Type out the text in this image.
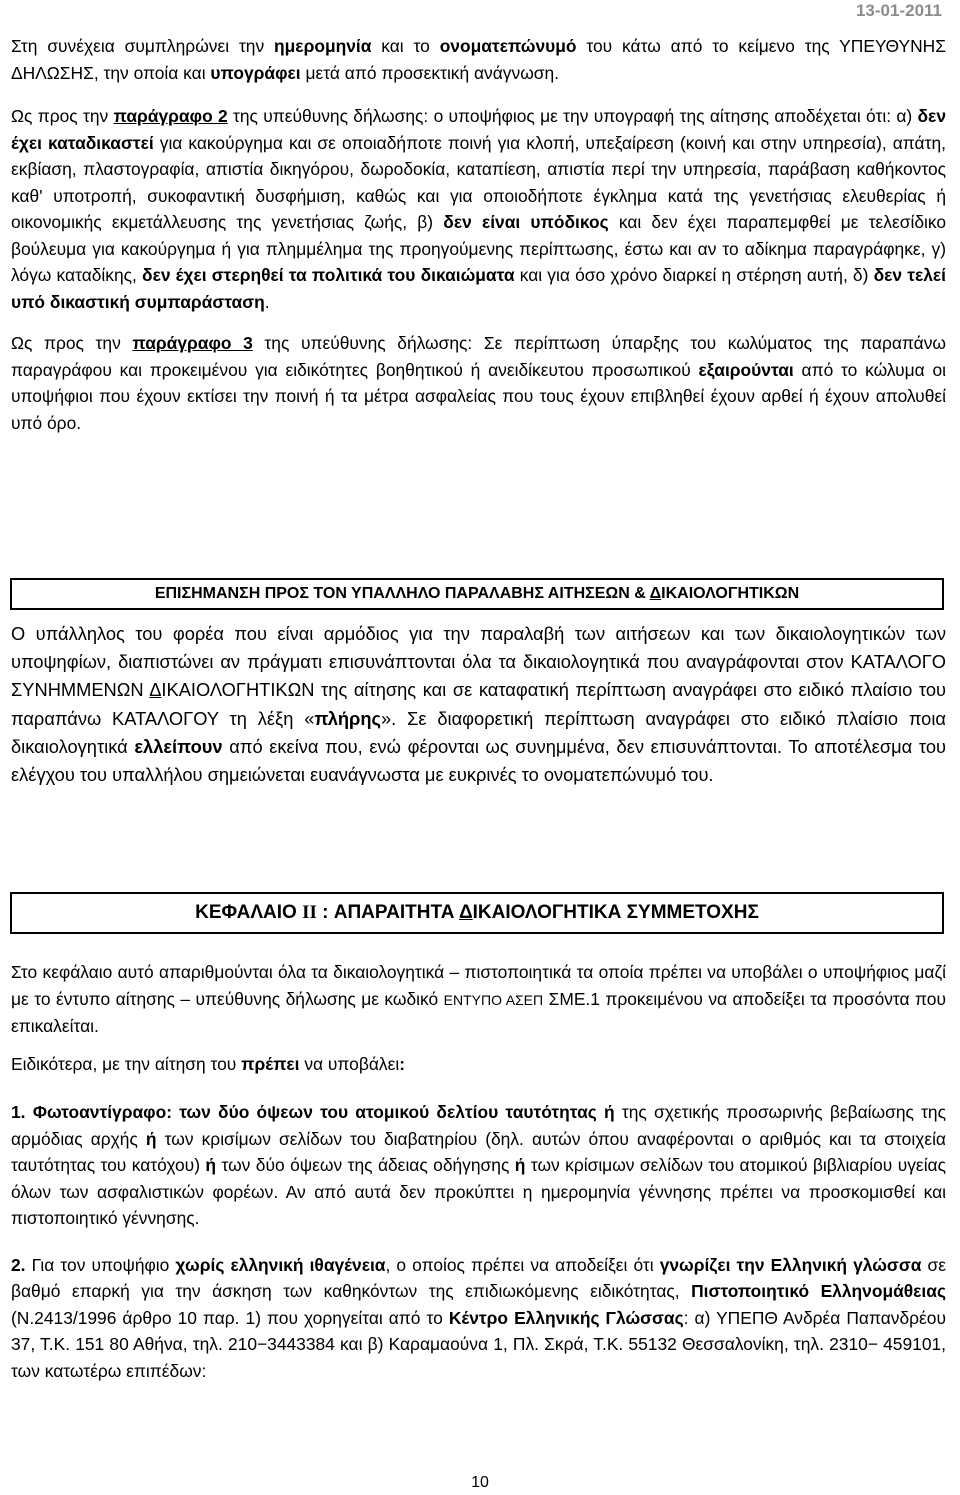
13-01-2011

Στη συνέχεια συμπληρώνει την ημερομηνία και το ονοματεπώνυμό του κάτω από το κείμενο της ΥΠΕΥΘΥΝΗΣ ΔΗΛΩΣΗΣ, την οποία και υπογράφει μετά από προσεκτική ανάγνωση.

Ως προς την παράγραφο 2 της υπεύθυνης δήλωσης: ο υποψήφιος με την υπογραφή της αίτησης αποδέχεται ότι: α) δεν έχει καταδικαστεί για κακούργημα και σε οποιαδήποτε ποινή για κλοπή, υπεξαίρεση (κοινή και στην υπηρεσία), απάτη, εκβίαση, πλαστογραφία, απιστία δικηγόρου, δωροδοκία, καταπίεση, απιστία περί την υπηρεσία, παράβαση καθήκοντος καθ' υποτροπή, συκοφαντική δυσφήμιση, καθώς και για οποιοδήποτε έγκλημα κατά της γενετήσιας ελευθερίας ή οικονομικής εκμετάλλευσης της γενετήσιας ζωής, β) δεν είναι υπόδικος και δεν έχει παραπεμφθεί με τελεσίδικο βούλευμα για κακούργημα ή για πλημμέλημα της προηγούμενης περίπτωσης, έστω και αν το αδίκημα παραγράφηκε, γ) λόγω καταδίκης, δεν έχει στερηθεί τα πολιτικά του δικαιώματα και για όσο χρόνο διαρκεί η στέρηση αυτή, δ) δεν τελεί υπό δικαστική συμπαράσταση.

Ως προς την παράγραφο 3 της υπεύθυνης δήλωσης: Σε περίπτωση ύπαρξης του κωλύματος της παραπάνω παραγράφου και προκειμένου για ειδικότητες βοηθητικού ή ανειδίκευτου προσωπικού εξαιρούνται από το κώλυμα οι υποψήφιοι που έχουν εκτίσει την ποινή ή τα μέτρα ασφαλείας που τους έχουν επιβληθεί έχουν αρθεί ή έχουν απολυθεί υπό όρο.

ΕΠΙΣΗΜΑΝΣΗ ΠΡΟΣ ΤΟΝ ΥΠΑΛΛΗΛΟ ΠΑΡΑΛΑΒΗΣ ΑΙΤΗΣΕΩΝ & ΔΙΚΑΙΟΛΟΓΗΤΙΚΩΝ

Ο υπάλληλος του φορέα που είναι αρμόδιος για την παραλαβή των αιτήσεων και των δικαιολογητικών των υποψηφίων, διαπιστώνει αν πράγματι επισυνάπτονται όλα τα δικαιολογητικά που αναγράφονται στον ΚΑΤΑΛΟΓΟ ΣΥΝΗΜΜΕΝΩΝ ΔΙΚΑΙΟΛΟΓΗΤΙΚΩΝ της αίτησης και σε καταφατική περίπτωση αναγράφει στο ειδικό πλαίσιο του παραπάνω ΚΑΤΑΛΟΓΟΥ τη λέξη «πλήρης». Σε διαφορετική περίπτωση αναγράφει στο ειδικό πλαίσιο ποια δικαιολογητικά ελλείπουν από εκείνα που, ενώ φέρονται ως συνημμένα, δεν επισυνάπτονται. Το αποτέλεσμα του ελέγχου του υπαλλήλου σημειώνεται ευανάγνωστα με ευκρινές το ονοματεπώνυμό του.

ΚΕΦΑΛΑΙΟ II : ΑΠΑΡΑΙΤΗΤΑ ΔΙΚΑΙΟΛΟΓΗΤΙΚΑ ΣΥΜΜΕΤΟΧΗΣ

Στο κεφάλαιο αυτό απαριθμούνται όλα τα δικαιολογητικά – πιστοποιητικά τα οποία πρέπει να υποβάλει ο υποψήφιος μαζί με το έντυπο αίτησης – υπεύθυνης δήλωσης με κωδικό ΕΝΤΥΠΟ ΑΣΕΠ ΣΜΕ.1 προκειμένου να αποδείξει τα προσόντα που επικαλείται.

Ειδικότερα, με την αίτηση του πρέπει να υποβάλει:

1. Φωτοαντίγραφο: των δύο όψεων του ατομικού δελτίου ταυτότητας ή της σχετικής προσωρινής βεβαίωσης της αρμόδιας αρχής ή των κρισίμων σελίδων του διαβατηρίου (δηλ. αυτών όπου αναφέρονται ο αριθμός και τα στοιχεία ταυτότητας του κατόχου) ή των δύο όψεων της άδειας οδήγησης ή των κρίσιμων σελίδων του ατομικού βιβλιαρίου υγείας όλων των ασφαλιστικών φορέων. Αν από αυτά δεν προκύπτει η ημερομηνία γέννησης πρέπει να προσκομισθεί και πιστοποιητικό γέννησης.

2. Για τον υποψήφιο χωρίς ελληνική ιθαγένεια, ο οποίος πρέπει να αποδείξει ότι γνωρίζει την Ελληνική γλώσσα σε βαθμό επαρκή για την άσκηση των καθηκόντων της επιδιωκόμενης ειδικότητας, Πιστοποιητικό Ελληνομάθειας (Ν.2413/1996 άρθρο 10 παρ. 1) που χορηγείται από το Κέντρο Ελληνικής Γλώσσας: α) ΥΠΕΠΘ Ανδρέα Παπανδρέου 37, Τ.Κ. 151 80 Αθήνα, τηλ. 210−3443384 και β) Καραμαούνα 1, Πλ. Σκρά, Τ.Κ. 55132 Θεσσαλονίκη, τηλ. 2310− 459101, των κατωτέρω επιπέδων:

10
